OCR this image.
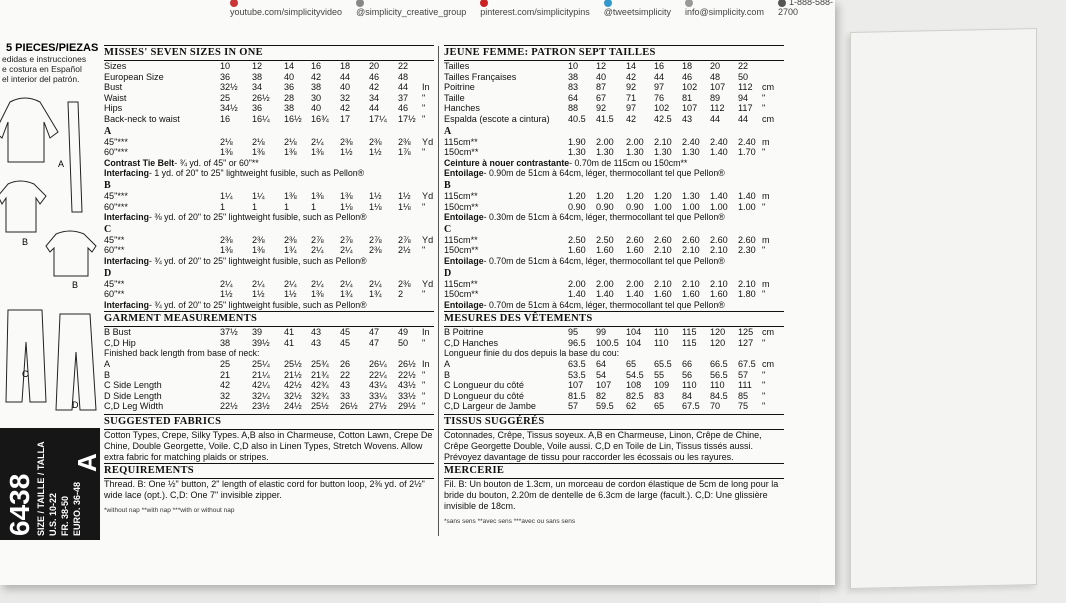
youtube.com/simplicityvideo @simplicity_creative_group pinterest.com/simplicitypins @tweetsimplicity info@simplicity.com
1-888-588-2700
5 PIECES/PIEZAS
edidas e instrucciones
e costura en Español
el interior del patrón.
A
B
B
C
D
6438 SIZE / TAILLE / TALLA U.S. 10-22 FR. 38-50 EURO. 36-48
A
MISSES' SEVEN SIZES IN ONE
Sizes	10 12 14 16 18 20 22
European Size	36 38 40 42 44 46 48
Bust	32½ 34 36 38 40 42 44 In
Waist	25 26½ 28 30 32 34 37 "
Hips	34½ 36 38 40 42 44 46 "
Back-neck to waist	16 16¼ 16½ 16¾ 17 17¼ 17½ "
A
45"***	2⅛ 2⅛ 2⅛ 2¼ 2⅜ 2⅜ 2⅜ Yd
60"***	1⅜ 1⅜ 1⅜ 1⅜ 1½ 1½ 1⅞ "
Contrast Tie Belt- ¾ yd. of 45" or 60"**
Interfacing- 1 yd. of 20" to 25" lightweight fusible, such as Pellon®
B
45"***	1¼ 1¼ 1⅜ 1⅜ 1⅜ 1½ 1½ Yd
60"***	1	1	1 1	1⅛ 1⅛ 1⅛ "
Interfacing- ⅜ yd. of 20" to 25" lightweight fusible, such as Pellon®
C
45"**	2⅜ 2⅜ 2⅜ 2⅞ 2⅞ 2⅞ 2⅞ Yd
60"**	1⅜ 1⅜ 1¾ 2¼ 2¼ 2⅜ 2½ "
Interfacing- ¾ yd. of 20" to 25" lightweight fusible, such as Pellon®
D
45"**	2¼ 2¼ 2¼ 2¼ 2¼ 2¼ 2⅜ Yd
60"**	1½ 1½ 1½ 1⅜ 1¾ 1¾ 2 "
Interfacing- ¾ yd. of 20" to 25" lightweight fusible, such as Pellon®
GARMENT MEASUREMENTS
B Bust	37½ 39 41 43 45 47 49 In
C,D Hip	38 39½ 41 43 45 47 50 "
Finished back length from base of neck:
A	25 25¼ 25½ 25¾ 26 26¼ 26½ In
B	21 21¼ 21½ 21¾ 22 22¼ 22½ "
C Side Length	42 42¼ 42½ 42¾ 43 43¼ 43½ "
D Side Length	32 32¼ 32½ 32¾ 33 33¼ 33½ "
C,D Leg Width	22½ 23½ 24½ 25½ 26½ 27½ 29½ "
SUGGESTED FABRICS
Cotton Types, Crepe, Silky Types. A,B also in Charmeuse, Cotton Lawn, Crepe De Chine, Double Georgette, Voile. C,D also in Linen Types, Stretch Wovens. Allow extra fabric for matching plaids or stripes.
REQUIREMENTS
Thread. B: One ½" button, 2" length of elastic cord for button loop, 2⅜ yd. of 2½" wide lace (opt.). C,D: One 7" invisible zipper.
*without nap **with nap ***with or without nap
JEUNE FEMME: PATRON SEPT TAILLES
Tailles	10 12 14 16 18 20 22
Tailles Françaises	38 40 42 44 46 48 50
Poitrine	83 87 92 97 102 107 112 cm
Taille	64 67 71 76 81 89 94 "
Hanches	88 92 97 102 107 112 117 "
Espalda (escote a cintura) 40.5 41.5 42 42.5 43 44 44 cm
A
115cm**	1.90 2.00 2.00 2.10 2.40 2.40 2.40 m
150cm**	1.30 1.30 1.30 1.30 1.30 1.40 1.70 "
Ceinture à nouer contrastante- 0.70m de 115cm ou 150cm**
Entoilage- 0.90m de 51cm à 64cm, léger, thermocollant tel que Pellon®
B
115cm**	1.20 1.20 1.20 1.20 1.30 1.40 1.40 m
150cm**	0.90 0.90 0.90 1.00 1.00 1.00 1.00 "
Entoilage- 0.30m de 51cm à 64cm, léger, thermocollant tel que Pellon®
C
115cm**	2.50 2.50 2.60 2.60 2.60 2.60 2.60 m
150cm**	1.60 1.60 1.60 2.10 2.10 2.10 2.30 "
Entoilage- 0.70m de 51cm à 64cm, léger, thermocollant tel que Pellon®
D
115cm**	2.00 2.00 2.00 2.10 2.10 2.10 2.10 m
150cm**	1.40 1.40 1.40 1.60 1.60 1.60 1.80 "
Entoilage- 0.70m de 51cm à 64cm, léger, thermocollant tel que Pellon®
MESURES DES VÊTEMENTS
B Poitrine	95 99 104 110 115 120 125 cm
C,D Hanches	96.5 100.5 104 110 115 120 127 "
Longueur finie du dos depuis la base du cou:
A	63.5 64 65 65.5 66 66.5 67.5 cm
B	53.5 54 54.5 55 56 56.5 57 "
C Longueur du côté	107 107 108 109 110 110 111 "
D Longueur du côté	81.5 82 82.5 83 84 84.5 85 "
C,D Largeur de Jambe	57 59.5 62 65 67.5 70 75 "
TISSUS SUGGÉRÉS
Cotonnades, Crêpe, Tissus soyeux. A,B en Charmeuse, Linon, Crêpe de Chine, Crêpe Georgette Double, Voile aussi. C,D en Toile de Lin, Tissus tissés aussi. Prévoyez davantage de tissu pour raccorder les écossais ou les rayures.
MERCERIE
Fil. B: Un bouton de 1.3cm, un morceau de cordon élastique de 5cm de long pour la bride du bouton, 2.20m de dentelle de 6.3cm de large (facult.). C,D: Une glissière invisible de 18cm.
*sans sens **avec sens ***avec ou sans sens
